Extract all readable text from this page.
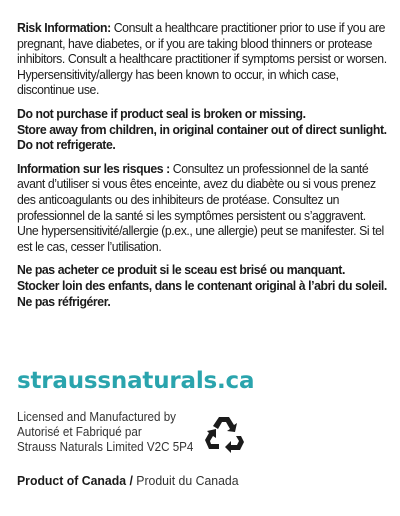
Risk Information: Consult a healthcare practitioner prior to use if you are pregnant, have diabetes, or if you are taking blood thinners or protease inhibitors. Consult a healthcare practitioner if symptoms persist or worsen. Hypersensitivity/allergy has been known to occur, in which case, discontinue use.

Do not purchase if product seal is broken or missing.
Store away from children, in original container out of direct sunlight. Do not refrigerate.

Information sur les risques : Consultez un professionnel de la santé avant d’utiliser si vous êtes enceinte, avez du diabète ou si vous prenez des anticoagulants ou des inhibiteurs de protéase. Consultez un professionnel de la santé si les symptômes persistent ou s’aggravent. Une hypersensitivité/allergie (p.ex., une allergie) peut se manifester. Si tel est le cas, cesser l’utilisation.

Ne pas acheter ce produit si le sceau est brisé ou manquant.
Stocker loin des enfants, dans le contenant original à l’abri du soleil. Ne pas réfrigérer.

straussnaturals.ca
Licensed and Manufactured by
Autorisé et Fabriqué par
Strauss Naturals Limited V2C 5P4
Product of Canada / Produit du Canada
